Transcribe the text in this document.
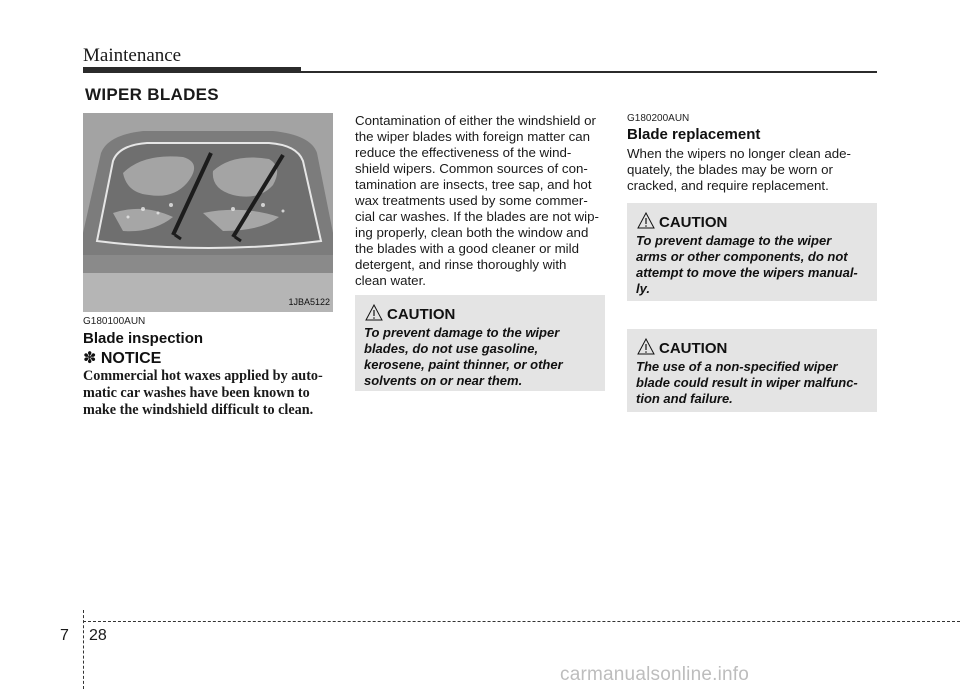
Maintenance
WIPER BLADES
1JBA5122
G180100AUN
Blade inspection
✽ NOTICE
Commercial hot waxes applied by auto-
matic car washes have been known to
make the windshield difficult to clean.
Contamination of either the windshield or
the wiper blades with foreign matter can
reduce the effectiveness of the wind-
shield wipers. Common sources of con-
tamination are insects, tree sap, and hot
wax treatments used by some commer-
cial car washes. If the blades are not wip-
ing properly, clean both the window and
the blades with a good cleaner or mild
detergent, and rinse thoroughly with
clean water.
CAUTION
To prevent damage to the wiper
blades, do not use gasoline,
kerosene, paint thinner, or other
solvents on or near them.
G180200AUN
Blade replacement
When the wipers no longer clean ade-
quately, the blades may be worn or
cracked, and require replacement.
CAUTION
To prevent damage to the wiper
arms or other components, do not
attempt to move the wipers manual-
ly.
CAUTION
The use of a non-specified wiper
blade could result in wiper malfunc-
tion and failure.
7 28
carmanualsonline.info
